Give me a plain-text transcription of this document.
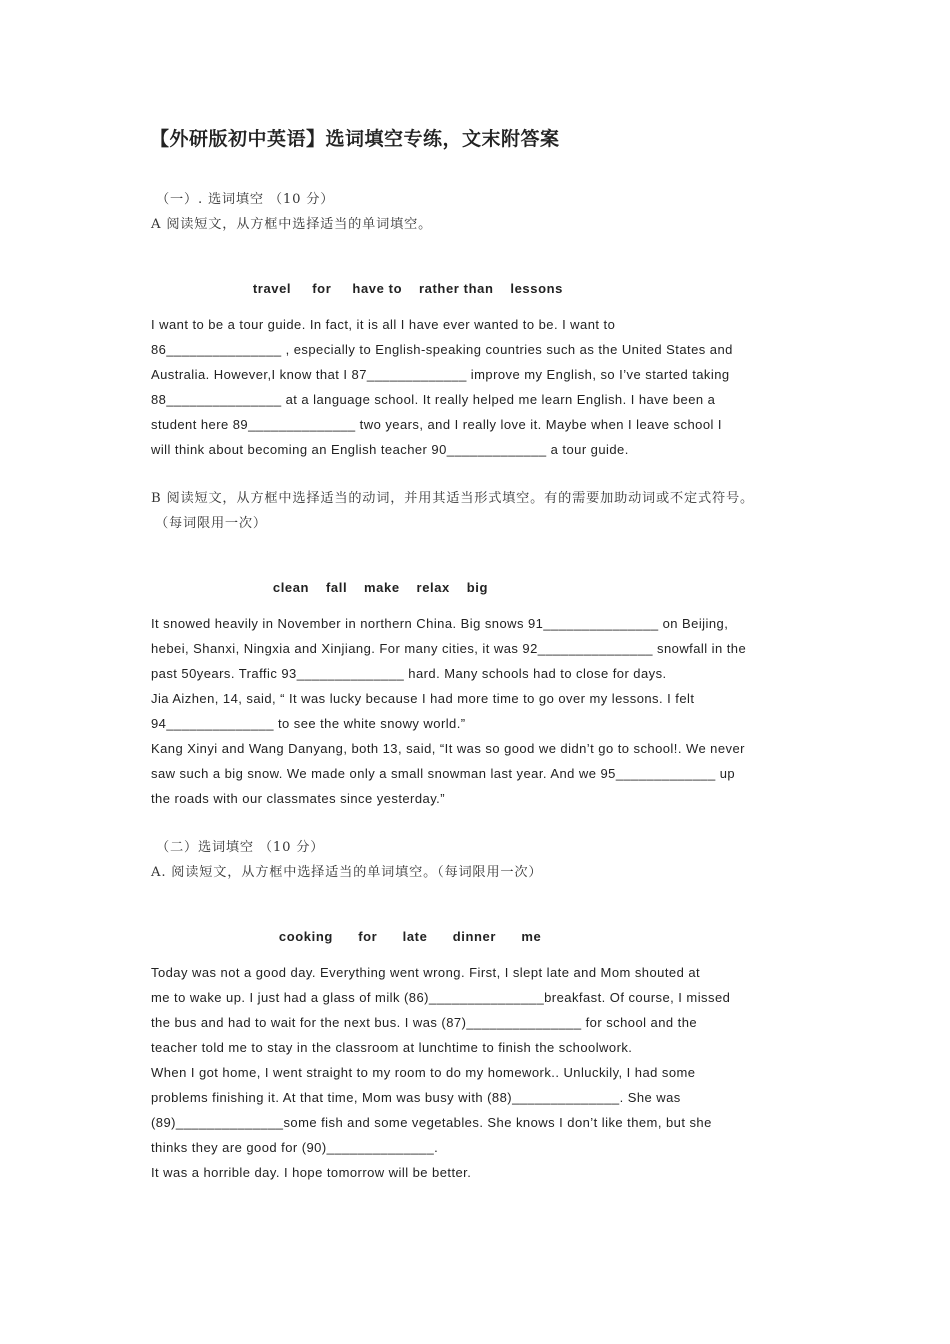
【外研版初中英语】选词填空专练，文末附答案
（一）. 选词填空 （10 分）
A 阅读短文，从方框中选择适当的单词填空。

travel for have to rather than lessons

I want to be a tour guide. In fact, it is all I have ever wanted to be. I want to
86_______________ , especially to English-speaking countries such as the United States and
Australia. However,I know that I 87_____________ improve my English, so I’ve started taking
88_______________ at a language school. It really helped me learn English. I have been a
student here 89______________ two years, and I really love it. Maybe when I leave school I
will think about becoming an English teacher 90_____________ a tour guide.
B 阅读短文，从方框中选择适当的动词，并用其适当形式填空。有的需要加助动词或不定式符号。
（每词限用一次）

clean fall make relax big

It snowed heavily in November in northern China. Big snows 91_______________ on Beijing,
hebei, Shanxi, Ningxia and Xinjiang. For many cities, it was 92_______________ snowfall in the
past 50years. Traffic 93______________ hard. Many schools had to close for days.
Jia Aizhen, 14, said, “ It was lucky because I had more time to go over my lessons. I felt
94______________ to see the white snowy world.”
Kang Xinyi and Wang Danyang, both 13, said, “It was so good we didn’t go to school!. We never
saw such a big snow. We made only a small snowman last year. And we 95_____________ up
the roads with our classmates since yesterday.”
（二）选词填空 （10 分）
A. 阅读短文，从方框中选择适当的单词填空。（每词限用一次）

cooking for late dinner me

Today was not a good day. Everything went wrong. First, I slept late and Mom shouted at
me to wake up. I just had a glass of milk (86)_______________breakfast. Of course, I missed
the bus and had to wait for the next bus. I was (87)_______________ for school and the
teacher told me to stay in the classroom at lunchtime to finish the schoolwork.
When I got home, I went straight to my room to do my homework.. Unluckily, I had some
problems finishing it. At that time, Mom was busy with (88)______________. She was
(89)______________some fish and some vegetables. She knows I don’t like them, but she
thinks they are good for (90)______________.
It was a horrible day. I hope tomorrow will be better.
